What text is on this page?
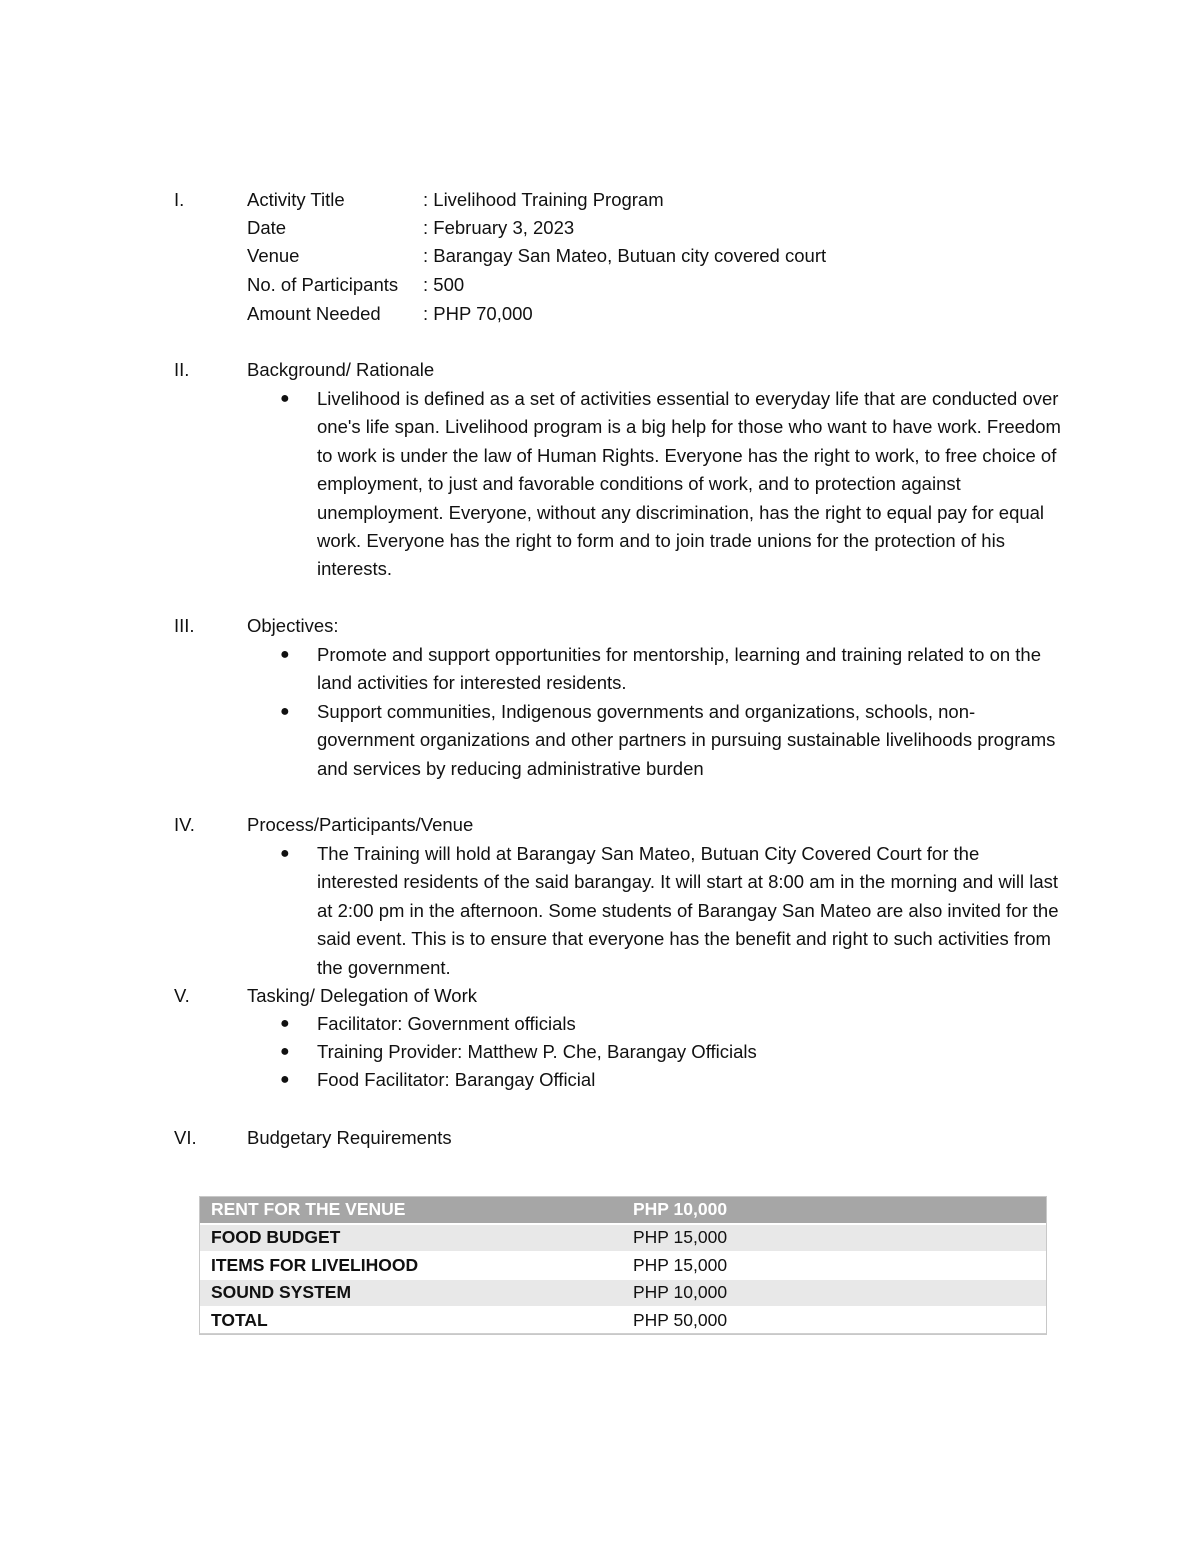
I.	Activity Title	: Livelihood Training Program
Date	: February 3, 2023
Venue	: Barangay San Mateo, Butuan city covered court
No. of Participants : 500
Amount Needed : PHP 70,000
II.	Background/ Rationale
● Livelihood is defined as a set of activities essential to everyday life that are conducted over one's life span. Livelihood program is a big help for those who want to have work. Freedom to work is under the law of Human Rights. Everyone has the right to work, to free choice of employment, to just and favorable conditions of work, and to protection against unemployment. Everyone, without any discrimination, has the right to equal pay for equal work. Everyone has the right to form and to join trade unions for the protection of his interests.
III.	Objectives:
● Promote and support opportunities for mentorship, learning and training related to on the land activities for interested residents.
● Support communities, Indigenous governments and organizations, schools, non-government organizations and other partners in pursuing sustainable livelihoods programs and services by reducing administrative burden
IV.	Process/Participants/Venue
● The Training will hold at Barangay San Mateo, Butuan City Covered Court for the interested residents of the said barangay. It will start at 8:00 am in the morning and will last at 2:00 pm in the afternoon. Some students of Barangay San Mateo are also invited for the said event. This is to ensure that everyone has the benefit and right to such activities from the government.
V.	Tasking/ Delegation of Work
● Facilitator: Government officials
● Training Provider: Matthew P. Che, Barangay Officials
● Food Facilitator: Barangay Official
VI.	Budgetary Requirements
RENT FOR THE VENUE	PHP 10,000
FOOD BUDGET	PHP 15,000
ITEMS FOR LIVELIHOOD	PHP 15,000
SOUND SYSTEM	PHP 10,000
TOTAL	PHP 50,000
